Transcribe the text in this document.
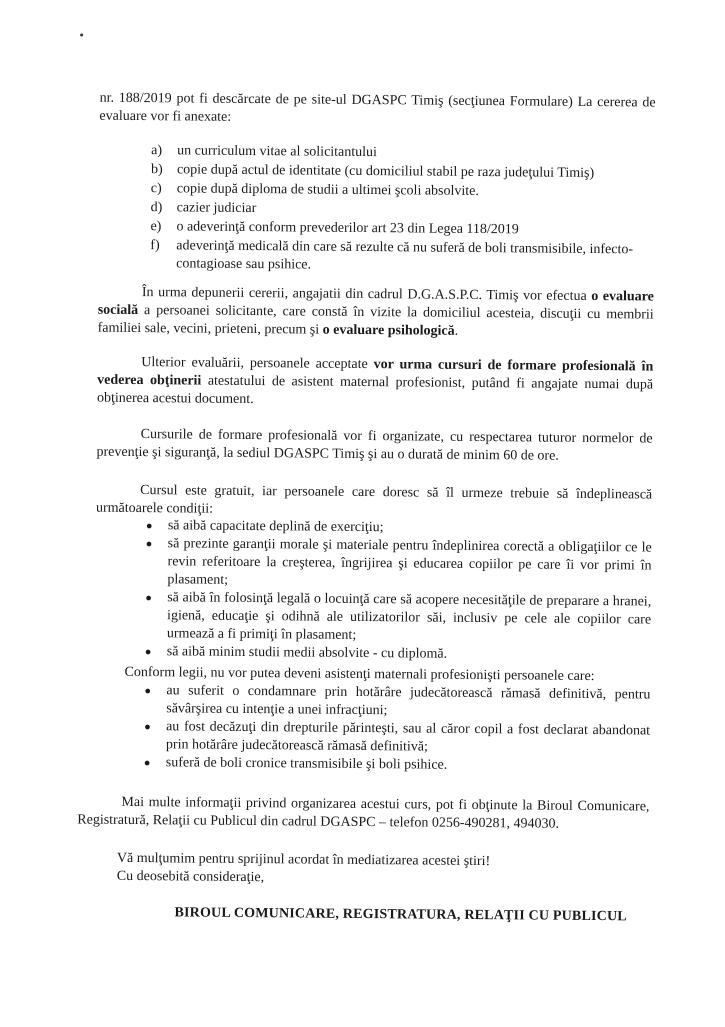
nr. 188/2019 pot fi descărcate de pe site-ul DGASPC Timiş (secţiunea Formulare) La cererea de evaluare vor fi anexate:

a)	un curriculum vitae al solicitantului
b)	copie după actul de identitate (cu domiciliul stabil pe raza judeţului Timiş)
c)	copie după diploma de studii a ultimei şcoli absolvite.
d)	cazier judiciar
e)	o adeverinţă conform prevederilor art 23 din Legea 118/2019
f)	adeverinţă medicală din care să rezulte că nu suferă de boli transmisibile, infecto-contagioase sau psihice.

În urma depunerii cererii, angajatii din cadrul D.G.A.S.P.C. Timiş vor efectua o evaluare socială a persoanei solicitante, care constă în vizite la domiciliul acesteia, discuţii cu membrii familiei sale, vecini, prieteni, precum şi o evaluare psihologică.

Ulterior evaluării, persoanele acceptate vor urma cursuri de formare profesională în vederea obţinerii atestatului de asistent maternal profesionist, putând fi angajate numai după obţinerea acestui document.

Cursurile de formare profesională vor fi organizate, cu respectarea tuturor normelor de prevenţie şi siguranţă, la sediul DGASPC Timiş şi au o durată de minim 60 de ore.

Cursul este gratuit, iar persoanele care doresc să îl urmeze trebuie să îndeplinească următoarele condiţii:

●	să aibă capacitate deplină de exerciţiu;
●	să prezinte garanţii morale şi materiale pentru îndeplinirea corectă a obligaţiilor ce le revin referitoare la creşterea, îngrijirea şi educarea copiilor pe care îi vor primi în plasament;
●	să aibă în folosinţă legală o locuinţă care să acopere necesităţile de preparare a hranei, igienă, educaţie şi odihnă ale utilizatorilor săi, inclusiv pe cele ale copiilor care urmează a fi primiţi în plasament;
●	să aibă minim studii medii absolvite - cu diplomă.

Conform legii, nu vor putea deveni asistenţi maternali profesionişti persoanele care:

●	au suferit o condamnare prin hotărâre judecătorească rămasă definitivă, pentru săvârşirea cu intenţie a unei infracţiuni;
●	au fost decăzuţi din drepturile părinteşti, sau al căror copil a fost declarat abandonat prin hotărâre judecătorească rămasă definitivă;
●	suferă de boli cronice transmisibile şi boli psihice.

Mai multe informaţii privind organizarea acestui curs, pot fi obţinute la Biroul Comunicare, Registratură, Relaţii cu Publicul din cadrul DGASPC – telefon 0256-490281, 494030.

Vă mulţumim pentru sprijinul acordat în mediatizarea acestei ştiri!

Cu deosebită consideraţie,

BIROUL COMUNICARE, REGISTRATURA, RELAŢII CU PUBLICUL
